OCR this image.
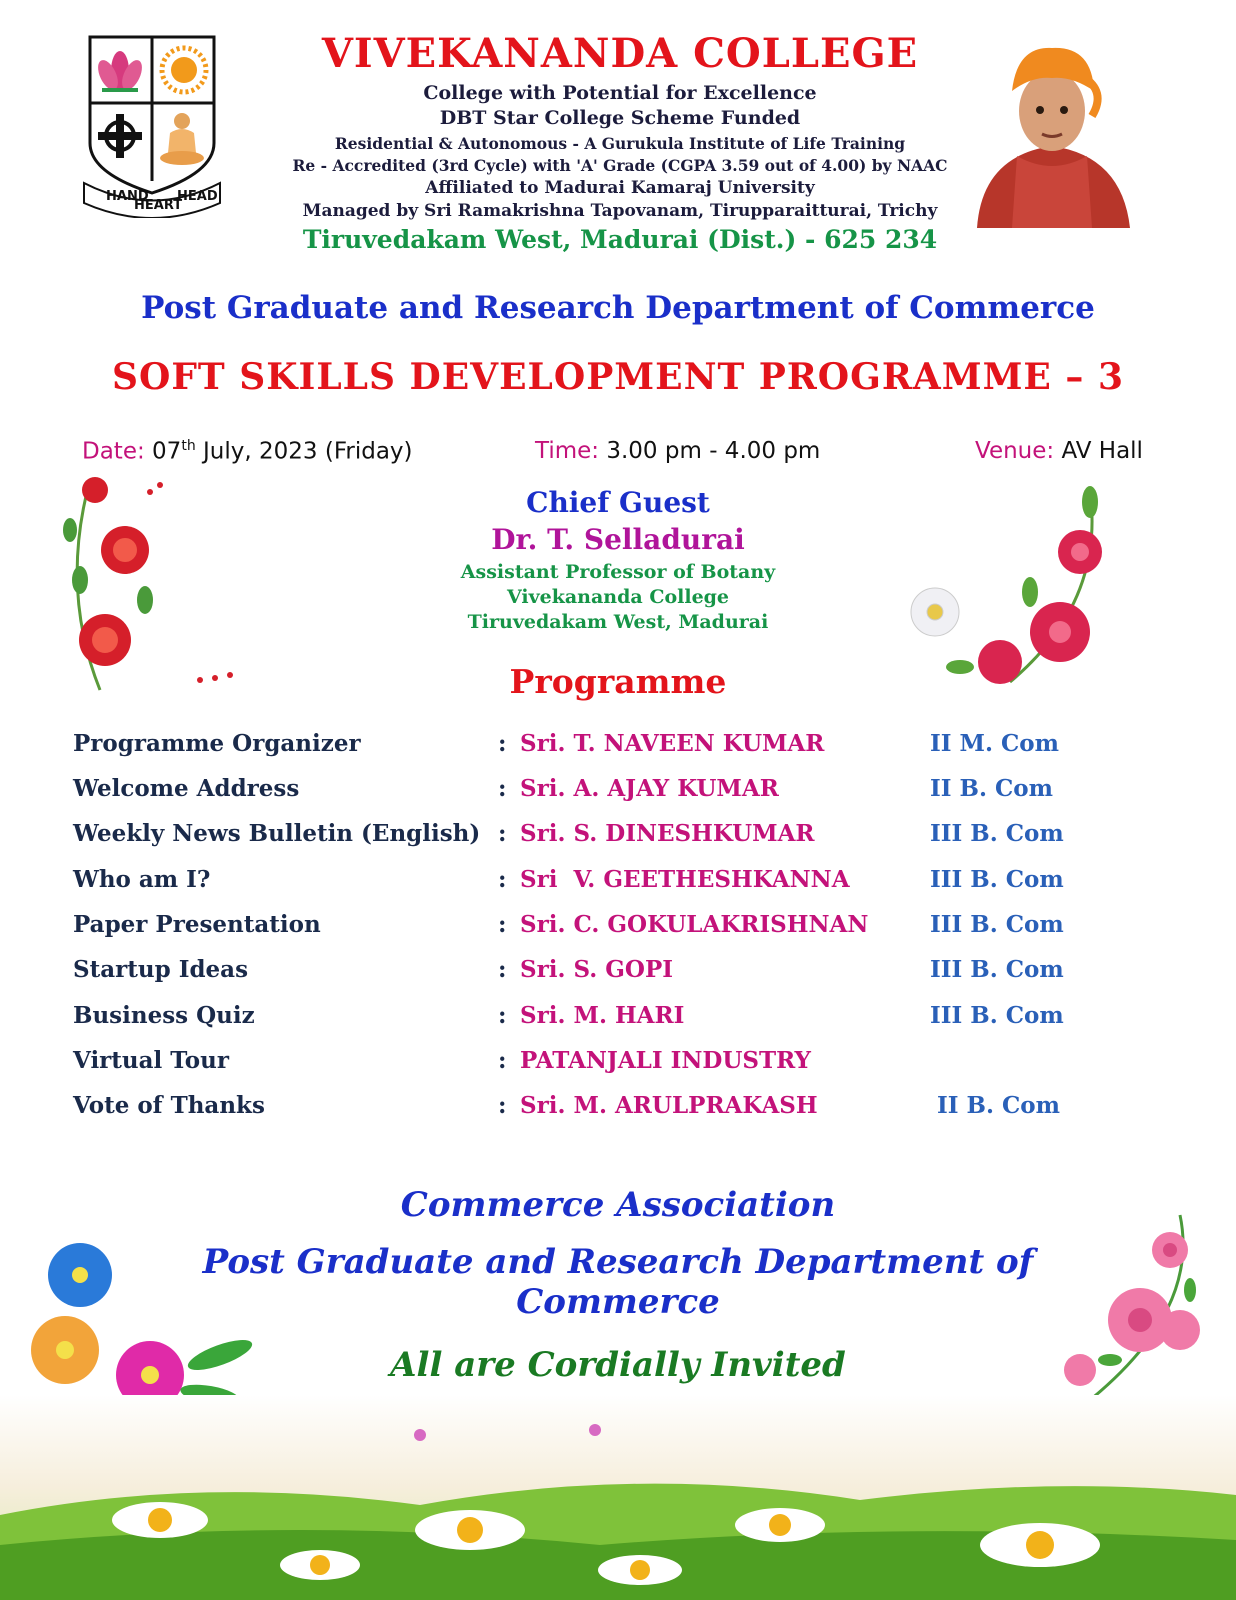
HAND
HEART
HEAD
VIVEKANANDA COLLEGE
College with Potential for Excellence
DBT Star College Scheme Funded
Residential & Autonomous - A Gurukula Institute of Life Training
Re - Accredited (3rd Cycle) with 'A' Grade (CGPA 3.59 out of 4.00) by NAAC
Affiliated to Madurai Kamaraj University
Managed by Sri Ramakrishna Tapovanam, Tirupparaitturai, Trichy
Tiruvedakam West, Madurai (Dist.) - 625 234
Post Graduate and Research Department of Commerce
SOFT SKILLS DEVELOPMENT PROGRAMME – 3
Date: 07th July, 2023 (Friday)	Time: 3.00 pm - 4.00 pm	Venue: AV Hall
Chief Guest
Dr. T. Selladurai
Assistant Professor of Botany
Vivekananda College
Tiruvedakam West, Madurai
Programme
Programme Organizer	: Sri. T. NAVEEN KUMAR	II M. Com
Welcome Address	: Sri. A. AJAY KUMAR	II B. Com
Weekly News Bulletin (English) : Sri. S. DINESHKUMAR	III B. Com
Who am I?	: Sri  V. GEETHESHKANNA	III B. Com
Paper Presentation	: Sri. C. GOKULAKRISHNAN	III B. Com
Startup Ideas	: Sri. S. GOPI	III B. Com
Business Quiz	: Sri. M. HARI	III B. Com
Virtual Tour	: PATANJALI INDUSTRY
Vote of Thanks	: Sri. M. ARULPRAKASH	II B. Com
Commerce Association
Post Graduate and Research Department of Commerce
All are Cordially Invited
